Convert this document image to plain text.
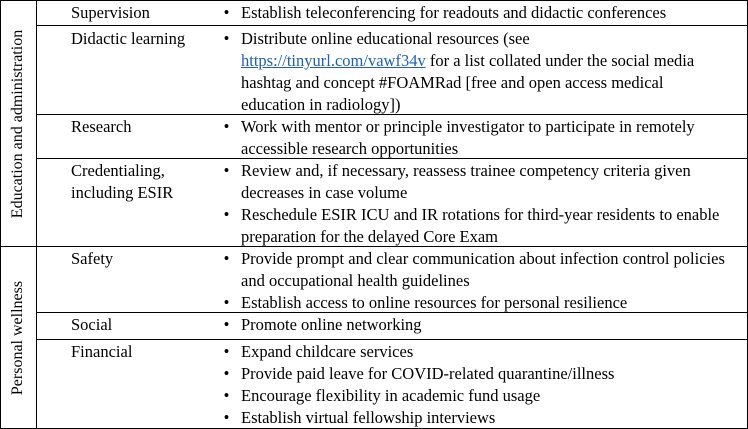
Education and administration
Personal wellness
Supervision
Didactic learning
Research
Credentialing,
including ESIR
Safety
Social
Financial
• Establish teleconferencing for readouts and didactic conferences
• Distribute online educational resources (see
https://tinyurl.com/vawf34v for a list collated under the social media
hashtag and concept #FOAMRad [free and open access medical
education in radiology])
• Work with mentor or principle investigator to participate in remotely accessible research opportunities
• Review and, if necessary, reassess trainee competency criteria given decreases in case volume
• Reschedule ESIR ICU and IR rotations for third-year residents to enable preparation for the delayed Core Exam
• Provide prompt and clear communication about infection control policies and occupational health guidelines
• Establish access to online resources for personal resilience
• Promote online networking
• Expand childcare services
• Provide paid leave for COVID-related quarantine/illness
• Encourage flexibility in academic fund usage
• Establish virtual fellowship interviews
